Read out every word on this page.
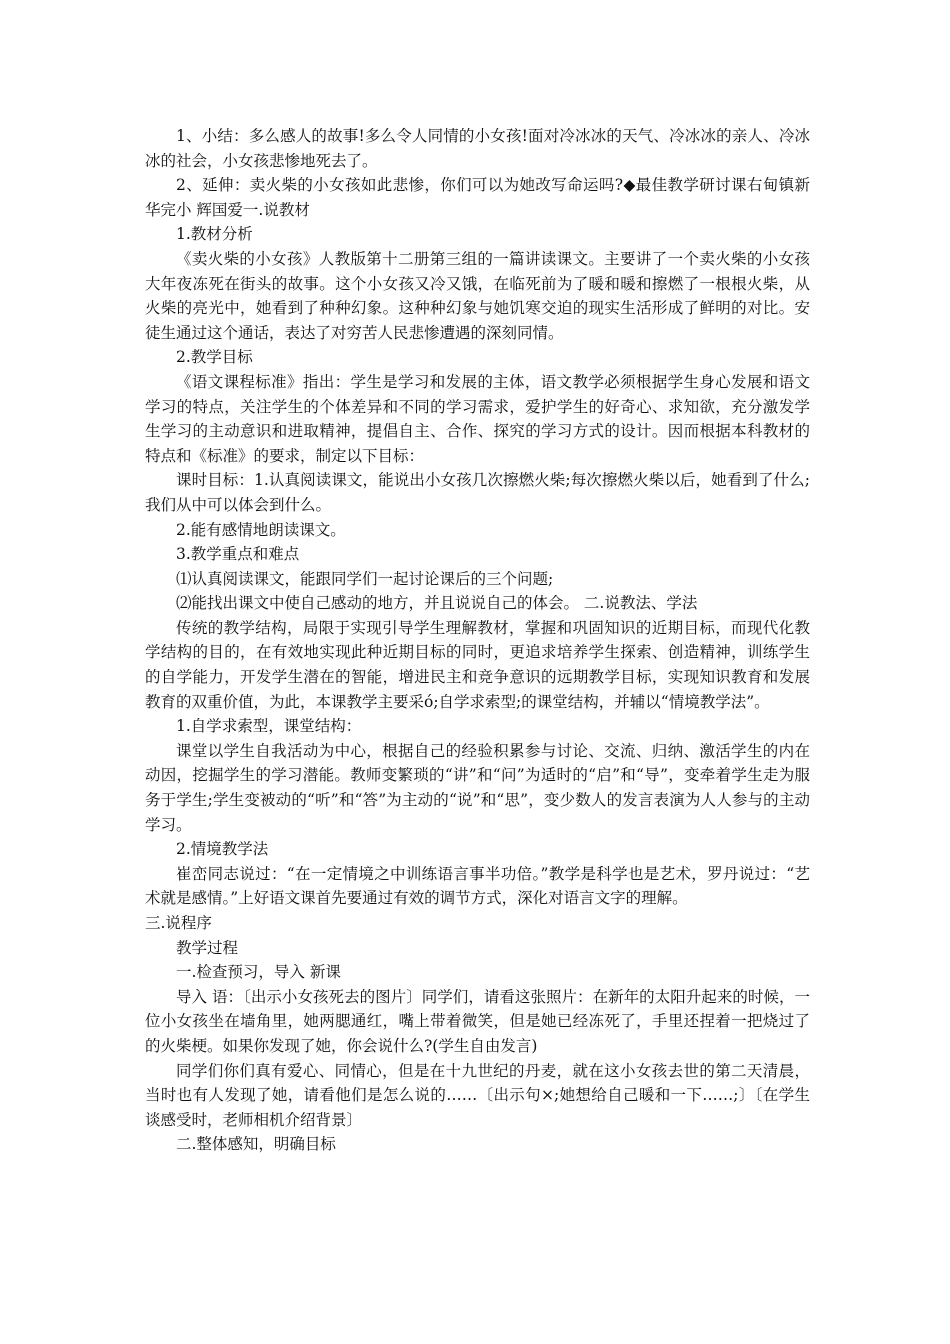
1、小结：多么感人的故事!多么令人同情的小女孩!面对冷冰冰的天气、冷冰冰的亲人、冷冰冰的社会，小女孩悲惨地死去了。

2、延伸：卖火柴的小女孩如此悲惨，你们可以为她改写命运吗?◆最佳教学研讨课右甸镇新华完小 辉国爱一.说教材

1.教材分析

《卖火柴的小女孩》人教版第十二册第三组的一篇讲读课文。主要讲了一个卖火柴的小女孩大年夜冻死在街头的故事。这个小女孩又冷又饿，在临死前为了暖和暖和擦燃了一根根火柴，从火柴的亮光中，她看到了种种幻象。这种种幻象与她饥寒交迫的现实生活形成了鲜明的对比。安徒生通过这个通话，表达了对穷苦人民悲惨遭遇的深刻同情。

2.教学目标

《语文课程标准》指出：学生是学习和发展的主体，语文教学必须根据学生身心发展和语文学习的特点，关注学生的个体差异和不同的学习需求，爱护学生的好奇心、求知欲，充分激发学生学习的主动意识和进取精神，提倡自主、合作、探究的学习方式的设计。因而根据本科教材的特点和《标准》的要求，制定以下目标：

课时目标：1.认真阅读课文，能说出小女孩几次擦燃火柴;每次擦燃火柴以后，她看到了什么;我们从中可以体会到什么。

2.能有感情地朗读课文。

3.教学重点和难点

⑴认真阅读课文，能跟同学们一起讨论课后的三个问题;

⑵能找出课文中使自己感动的地方，并且说说自己的体会。 二.说教法、学法

传统的教学结构，局限于实现引导学生理解教材，掌握和巩固知识的近期目标，而现代化教学结构的目的，在有效地实现此种近期目标的同时，更追求培养学生探索、创造精神，训练学生的自学能力，开发学生潜在的智能，增进民主和竞争意识的远期教学目标，实现知识教育和发展教育的双重价值，为此，本课教学主要采ó;自学求索型;的课堂结构，并辅以“情境教学法”。

1.自学求索型，课堂结构：

课堂以学生自我活动为中心，根据自己的经验积累参与讨论、交流、归纳、激活学生的内在动因，挖掘学生的学习潜能。教师变繁琐的“讲”和“问”为适时的“启”和“导”，变牵着学生走为服务于学生;学生变被动的“听”和“答”为主动的“说”和“思”，变少数人的发言表演为人人参与的主动学习。

2.情境教学法

崔峦同志说过：“在一定情境之中训练语言事半功倍。”教学是科学也是艺术，罗丹说过：“艺术就是感情。”上好语文课首先要通过有效的调节方式，深化对语言文字的理解。

三.说程序

教学过程

一.检查预习，导入 新课

导入 语：〔出示小女孩死去的图片〕同学们，请看这张照片：在新年的太阳升起来的时候，一位小女孩坐在墙角里，她两腮通红，嘴上带着微笑，但是她已经冻死了，手里还捏着一把烧过了的火柴梗。如果你发现了她，你会说什么?(学生自由发言)

同学们你们真有爱心、同情心，但是在十九世纪的丹麦，就在这小女孩去世的第二天清晨，当时也有人发现了她，请看他们是怎么说的……〔出示句×;她想给自己暖和一下……;〕〔在学生谈感受时，老师相机介绍背景〕

二.整体感知，明确目标
